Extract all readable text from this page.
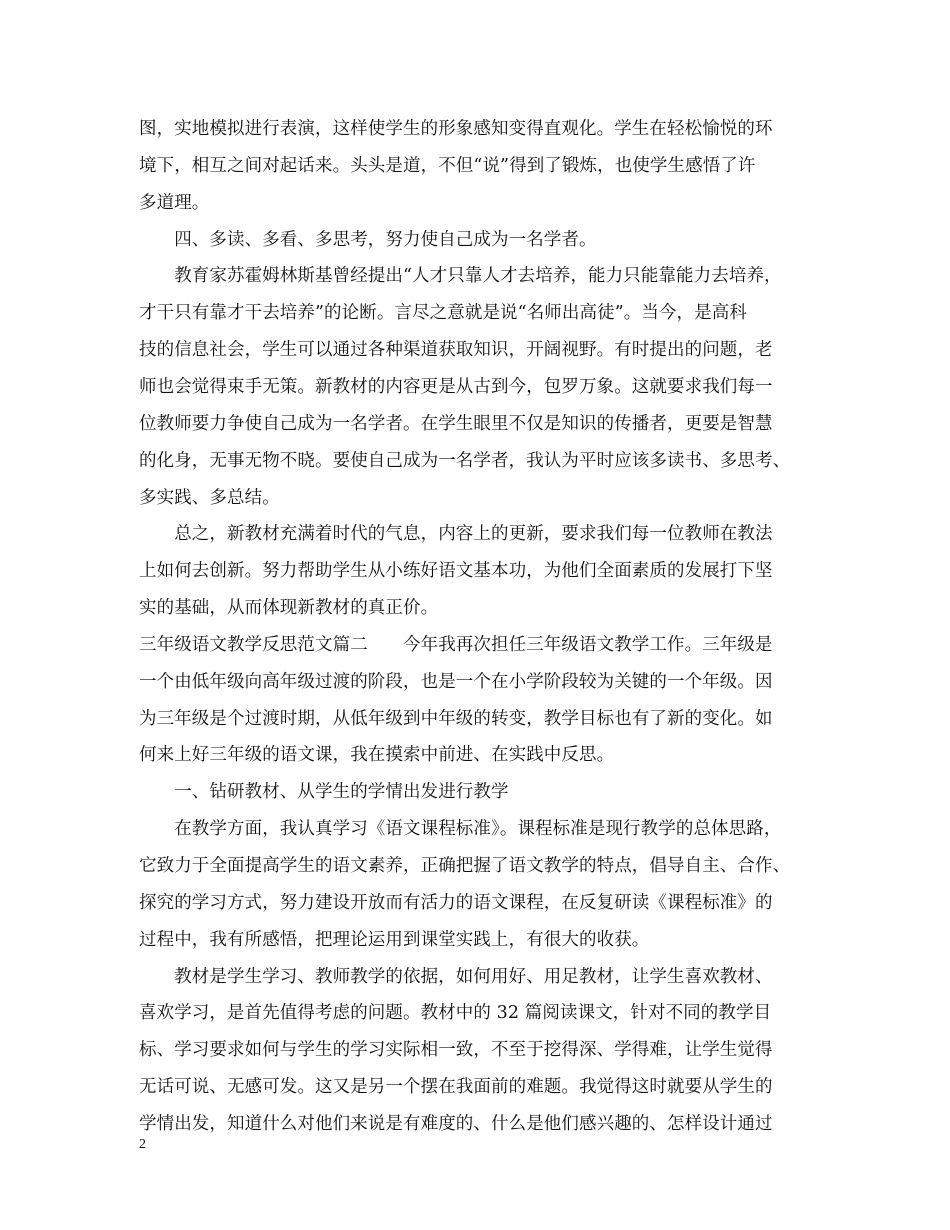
图，实地模拟进行表演，这样使学生的形象感知变得直观化。学生在轻松愉悦的环
境下，相互之间对起话来。头头是道，不但“说”得到了锻炼，也使学生感悟了许
多道理。
　　四、多读、多看、多思考，努力使自己成为一名学者。
　　教育家苏霍姆林斯基曾经提出“人才只靠人才去培养，能力只能靠能力去培养，
才干只有靠才干去培养”的论断。言尽之意就是说“名师出高徒”。当今，是高科
技的信息社会，学生可以通过各种渠道获取知识，开阔视野。有时提出的问题，老
师也会觉得束手无策。新教材的内容更是从古到今，包罗万象。这就要求我们每一
位教师要力争使自己成为一名学者。在学生眼里不仅是知识的传播者，更要是智慧
的化身，无事无物不晓。要使自己成为一名学者，我认为平时应该多读书、多思考、
多实践、多总结。
　　总之，新教材充满着时代的气息，内容上的更新，要求我们每一位教师在教法
上如何去创新。努力帮助学生从小练好语文基本功，为他们全面素质的发展打下坚
实的基础，从而体现新教材的真正价。
三年级语文教学反思范文篇二　　今年我再次担任三年级语文教学工作。三年级是
一个由低年级向高年级过渡的阶段，也是一个在小学阶段较为关键的一个年级。因
为三年级是个过渡时期，从低年级到中年级的转变，教学目标也有了新的变化。如
何来上好三年级的语文课，我在摸索中前进、在实践中反思。
　　一、钻研教材、从学生的学情出发进行教学
　　在教学方面，我认真学习《语文课程标准》。课程标准是现行教学的总体思路，
它致力于全面提高学生的语文素养，正确把握了语文教学的特点，倡导自主、合作、
探究的学习方式，努力建设开放而有活力的语文课程，在反复研读《课程标准》的
过程中，我有所感悟，把理论运用到课堂实践上，有很大的收获。
　　教材是学生学习、教师教学的依据，如何用好、用足教材，让学生喜欢教材、
喜欢学习，是首先值得考虑的问题。教材中的 32 篇阅读课文，针对不同的教学目
标、学习要求如何与学生的学习实际相一致，不至于挖得深、学得难，让学生觉得
无话可说、无感可发。这又是另一个摆在我面前的难题。我觉得这时就要从学生的
学情出发，知道什么对他们来说是有难度的、什么是他们感兴趣的、怎样设计通过
2
